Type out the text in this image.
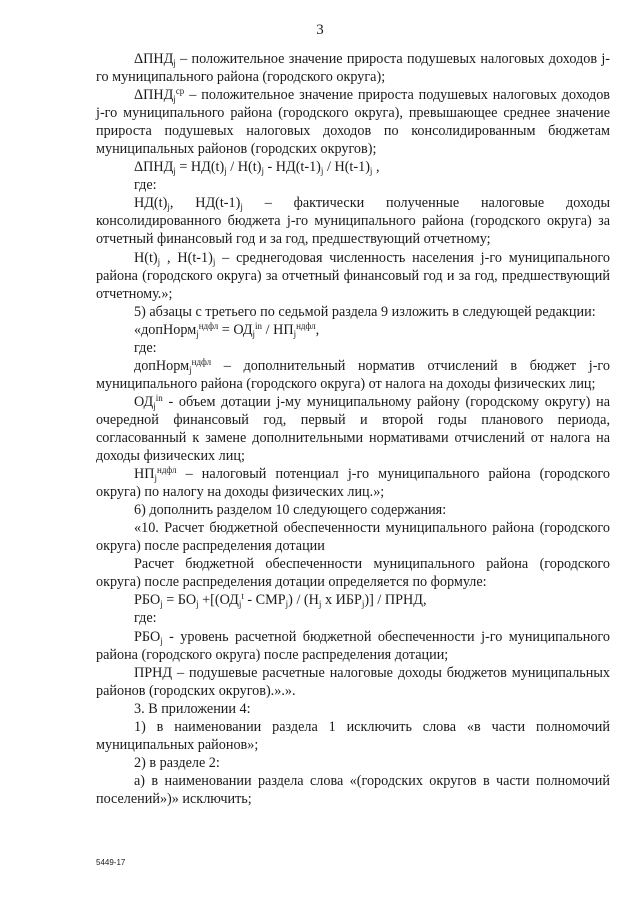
3

$\Delta ПНД_j$ – положительное значение прироста подушевых налоговых доходов j-го муниципального района (городского округа);

$\Delta ПНД_j^{ср}$ – положительное значение прироста подушевых налоговых доходов j-го муниципального района (городского округа), превышающее среднее значение прироста подушевых налоговых доходов по консолидированным бюджетам муниципальных районов (городских округов);

$\Delta ПНД_j = НД(t)_j / Н(t)_j - НД(t-1)_j / Н(t-1)_j$ ,

где:

$НД(t)_j$, $НД(t-1)_j$ – фактически полученные налоговые доходы консолидированного бюджета j-го муниципального района (городского округа) за отчетный финансовый год и за год, предшествующий отчетному;

$Н(t)_j$ , $Н(t-1)_j$ – среднегодовая численность населения j-го муниципального района (городского округа) за отчетный финансовый год и за год, предшествующий отчетному.»;

5) абзацы с третьего по седьмой раздела 9 изложить в следующей редакции:

«допНорм$_j^{ндфл}$ = $ОД_j^{in} / НП_j^{ндфл}$,

где:

допНорм$_j^{ндфл}$ – дополнительный норматив отчислений в бюджет j-го муниципального района (городского округа) от налога на доходы физических лиц;

$ОД_j^{in}$ - объем дотации j-му муниципальному району (городскому округу) на очередной финансовый год, первый и второй годы планового периода, согласованный к замене дополнительными нормативами отчислений от налога на доходы физических лиц;

$НП_j^{ндфл}$ – налоговый потенциал j-го муниципального района (городского округа) по налогу на доходы физических лиц.»;

6) дополнить разделом 10 следующего содержания:

«10. Расчет бюджетной обеспеченности муниципального района (городского округа) после распределения дотации

Расчет бюджетной обеспеченности муниципального района (городского округа) после распределения дотации определяется по формуле:

$РБО_j = БО_j +[(ОД_j^t - СМР_j) / (Н_j$ х $ИБР_j$)] / ПРНД,

где:

$РБО_j$ - уровень расчетной бюджетной обеспеченности j-го муниципального района (городского округа) после распределения дотации;

ПРНД – подушевые расчетные налоговые доходы бюджетов муниципальных районов (городских округов).».».

3. В приложении 4:

1) в наименовании раздела 1 исключить слова «в части полномочий муниципальных районов»;

2) в разделе 2:

а) в наименовании раздела слова «(городских округов в части полномочий поселений»)» исключить;

5449-17
